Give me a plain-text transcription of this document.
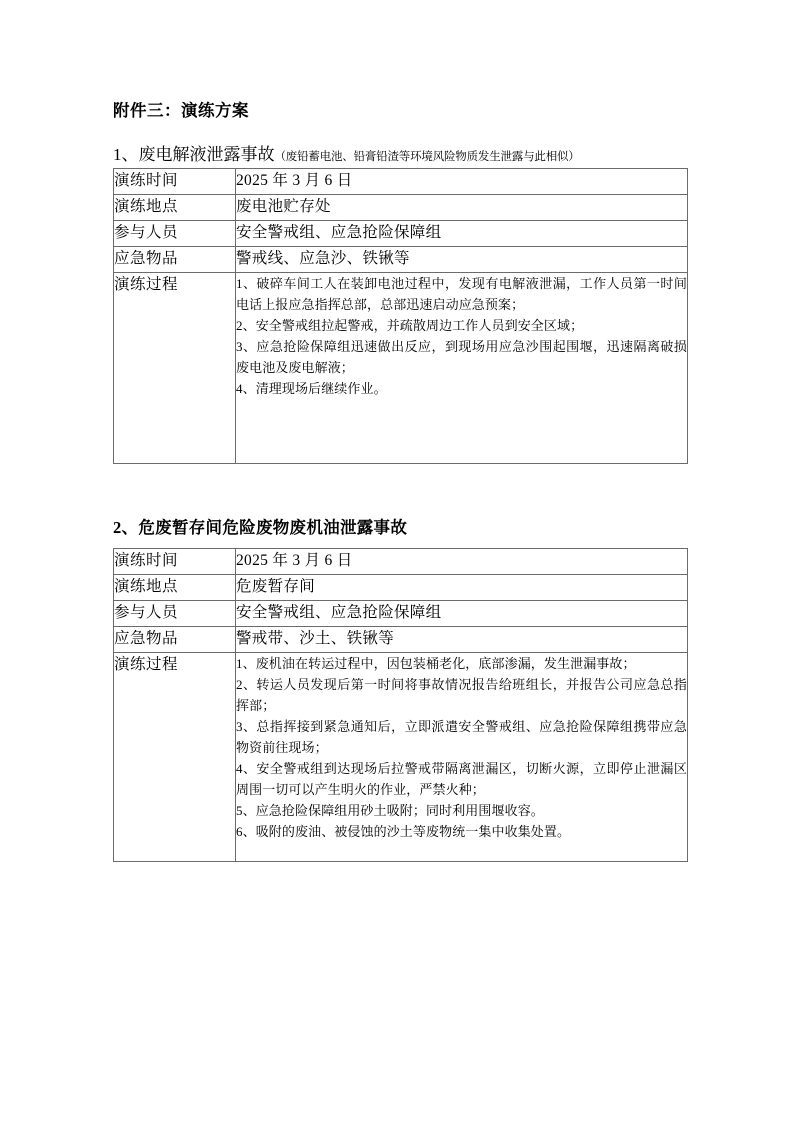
附件三：演练方案
1、废电解液泄露事故（废铅蓄电池、铅膏铅渣等环境风险物质发生泄露与此相似）
演练时间	2025 年 3 月 6 日
演练地点	废电池贮存处
参与人员	安全警戒组、应急抢险保障组
应急物品	警戒线、应急沙、铁锹等
演练过程	1、破碎车间工人在装卸电池过程中，发现有电解液泄漏，工作人员第一时间电话上报应急指挥总部，总部迅速启动应急预案；
2、安全警戒组拉起警戒，并疏散周边工作人员到安全区域；
3、应急抢险保障组迅速做出反应，到现场用应急沙围起围堰，迅速隔离破损废电池及废电解液；
4、清理现场后继续作业。
2、危废暂存间危险废物废机油泄露事故
演练时间	2025 年 3 月 6 日
演练地点	危废暂存间
参与人员	安全警戒组、应急抢险保障组
应急物品	警戒带、沙土、铁锹等
演练过程	1、废机油在转运过程中，因包装桶老化，底部渗漏，发生泄漏事故；
2、转运人员发现后第一时间将事故情况报告给班组长，并报告公司应急总指挥部；
3、总指挥接到紧急通知后，立即派遣安全警戒组、应急抢险保障组携带应急物资前往现场；
4、安全警戒组到达现场后拉警戒带隔离泄漏区，切断火源，立即停止泄漏区周围一切可以产生明火的作业，严禁火种；
5、应急抢险保障组用砂土吸附；同时利用围堰收容。
6、吸附的废油、被侵蚀的沙土等废物统一集中收集处置。
